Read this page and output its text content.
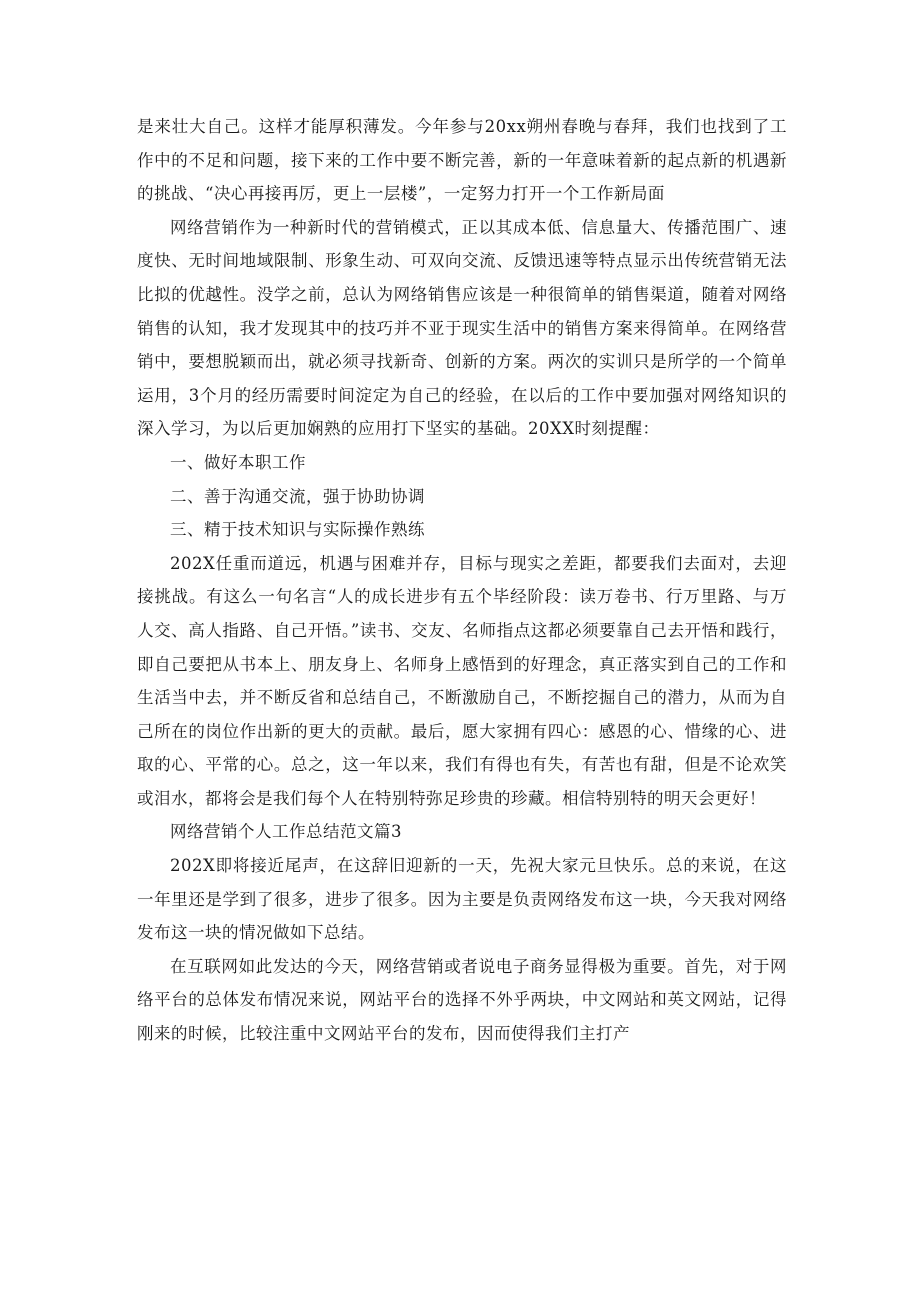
是来壮大自己。这样才能厚积薄发。今年参与20xx朔州春晚与春拜，我们也找到了工作中的不足和问题，接下来的工作中要不断完善，新的一年意味着新的起点新的机遇新的挑战、“决心再接再厉，更上一层楼”，一定努力打开一个工作新局面

网络营销作为一种新时代的营销模式，正以其成本低、信息量大、传播范围广、速度快、无时间地域限制、形象生动、可双向交流、反馈迅速等特点显示出传统营销无法比拟的优越性。没学之前，总认为网络销售应该是一种很简单的销售渠道，随着对网络销售的认知，我才发现其中的技巧并不亚于现实生活中的销售方案来得简单。在网络营销中，要想脱颖而出，就必须寻找新奇、创新的方案。两次的实训只是所学的一个简单运用，3个月的经历需要时间淀定为自己的经验，在以后的工作中要加强对网络知识的深入学习，为以后更加娴熟的应用打下坚实的基础。20XX时刻提醒：

一、做好本职工作

二、善于沟通交流，强于协助协调

三、精于技术知识与实际操作熟练

202X任重而道远，机遇与困难并存，目标与现实之差距，都要我们去面对，去迎接挑战。有这么一句名言“人的成长进步有五个毕经阶段：读万卷书、行万里路、与万人交、高人指路、自己开悟。”读书、交友、名师指点这都必须要靠自己去开悟和践行，即自己要把从书本上、朋友身上、名师身上感悟到的好理念，真正落实到自己的工作和生活当中去，并不断反省和总结自己，不断激励自己，不断挖掘自己的潜力，从而为自己所在的岗位作出新的更大的贡献。最后，愿大家拥有四心：感恩的心、惜缘的心、进取的心、平常的心。总之，这一年以来，我们有得也有失，有苦也有甜，但是不论欢笑或泪水，都将会是我们每个人在特别特弥足珍贵的珍藏。相信特别特的明天会更好！

网络营销个人工作总结范文篇3

202X即将接近尾声，在这辞旧迎新的一天，先祝大家元旦快乐。总的来说，在这一年里还是学到了很多，进步了很多。因为主要是负责网络发布这一块，今天我对网络发布这一块的情况做如下总结。

在互联网如此发达的今天，网络营销或者说电子商务显得极为重要。首先，对于网络平台的总体发布情况来说，网站平台的选择不外乎两块，中文网站和英文网站，记得刚来的时候，比较注重中文网站平台的发布，因而使得我们主打产
